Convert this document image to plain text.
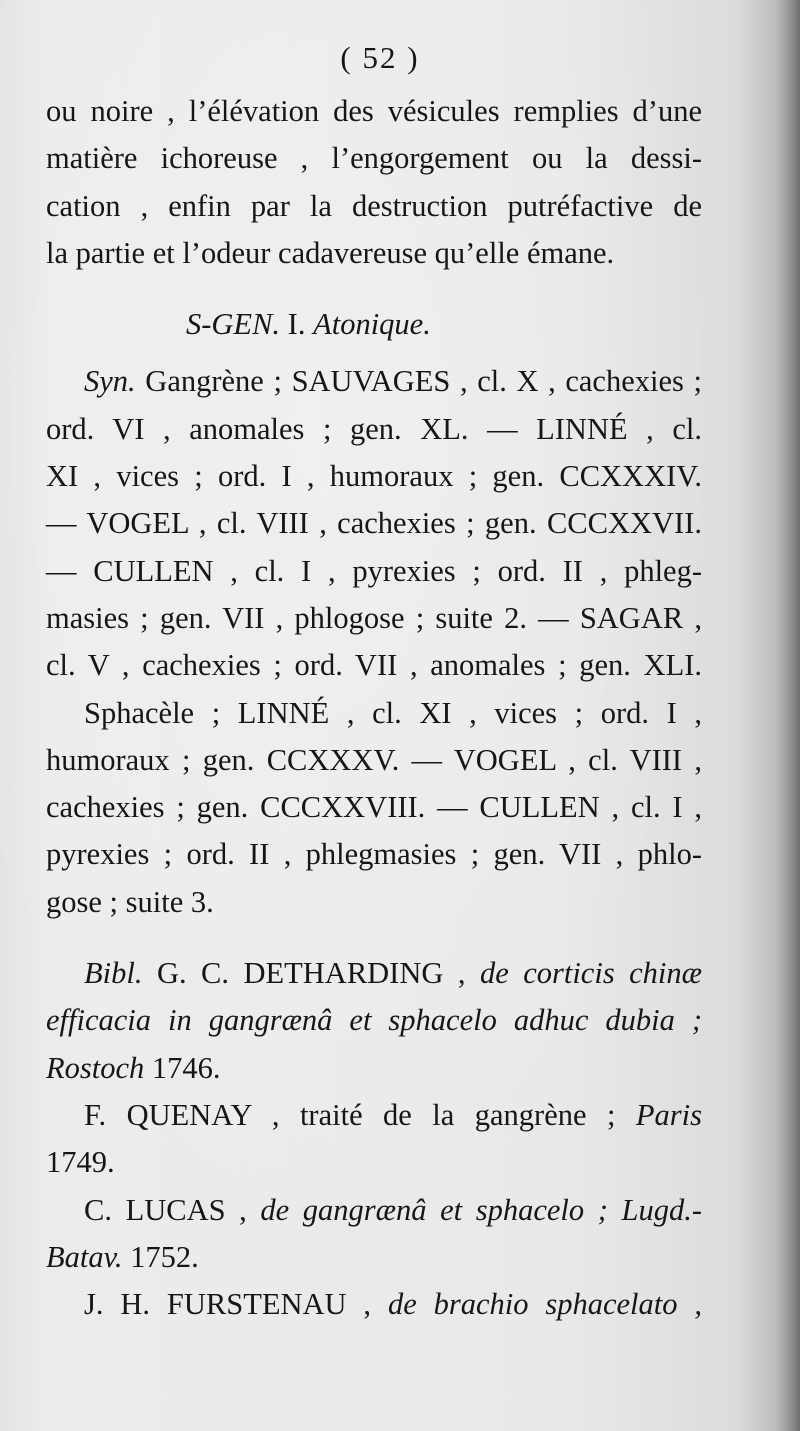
( 52 )
ou noire , l’élévation des vésicules remplies d’une
matière ichoreuse , l’engorgement ou la dessi-
cation , enfin par la destruction putréfactive de
la partie et l’odeur cadavereuse qu’elle émane.
S-GEN. I. Atonique.
Syn. Gangrène ; SAUVAGES , cl. X , cachexies ;
ord. VI , anomales ; gen. XL. — LINNÉ , cl.
XI , vices ; ord. I , humoraux ; gen. CCXXXIV.
— VOGEL , cl. VIII , cachexies ; gen. CCCXXVII.
— CULLEN , cl. I , pyrexies ; ord. II , phleg-
masies ; gen. VII , phlogose ; suite 2. — SAGAR ,
cl. V , cachexies ; ord. VII , anomales ; gen. XLI.
Sphacèle ; LINNÉ , cl. XI , vices ; ord. I ,
humoraux ; gen. CCXXXV. — VOGEL , cl. VIII ,
cachexies ; gen. CCCXXVIII. — CULLEN , cl. I ,
pyrexies ; ord. II , phlegmasies ; gen. VII , phlo-
gose ; suite 3.
Bibl. G. C. DETHARDING , de corticis chinæ
efficacia in gangrænâ et sphacelo adhuc dubia ;
Rostoch 1746.
F. QUENAY , traité de la gangrène ; Paris
1749.
C. LUCAS , de gangrænâ et sphacelo ; Lugd.-
Batav. 1752.
J. H. FURSTENAU , de brachio sphacelato ,
